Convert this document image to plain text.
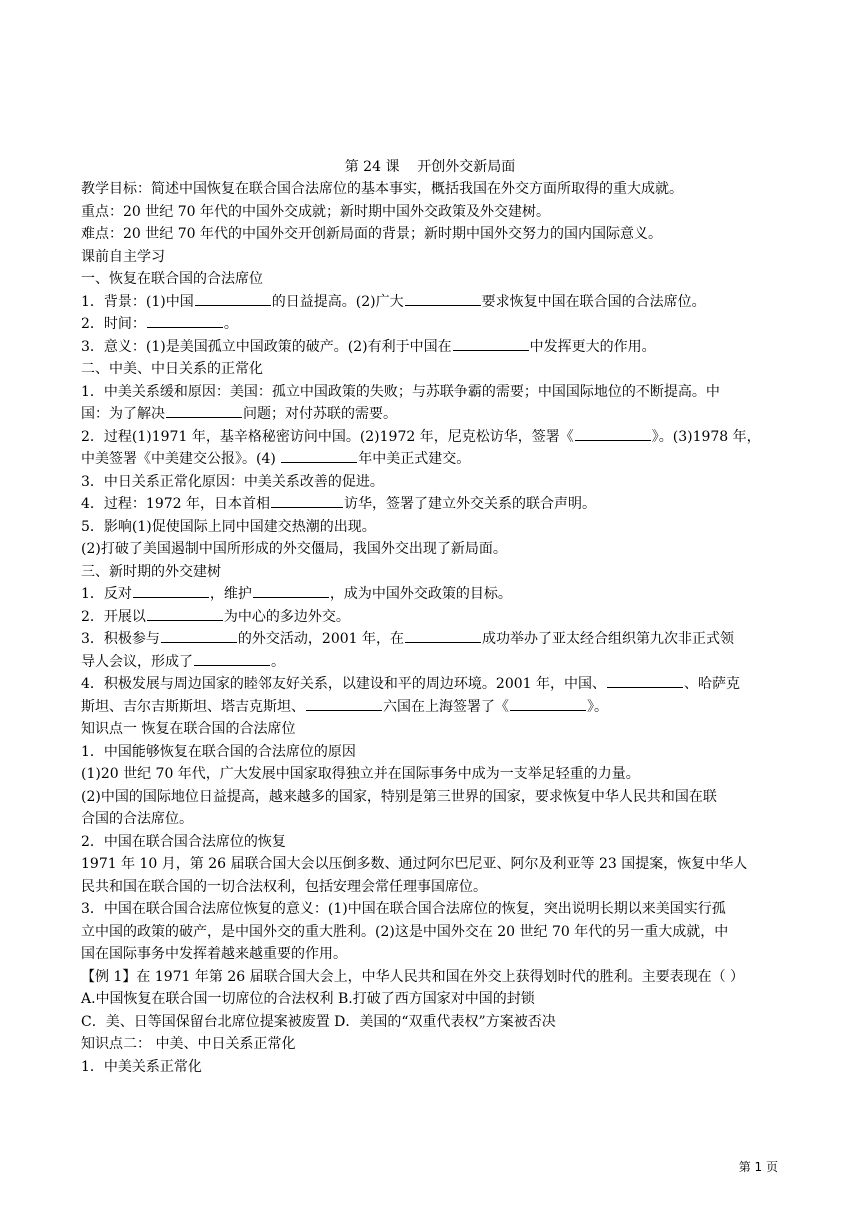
第 24 课    开创外交新局面
教学目标：简述中国恢复在联合国合法席位的基本事实，概括我国在外交方面所取得的重大成就。
重点：20 世纪 70 年代的中国外交成就；新时期中国外交政策及外交建树。
难点：20 世纪 70 年代的中国外交开创新局面的背景；新时期中国外交努力的国内国际意义。
课前自主学习
一、恢复在联合国的合法席位
1．背景：(1)中国	的日益提高。(2)广大	要求恢复中国在联合国的合法席位。
2．时间：	。
3．意义：(1)是美国孤立中国政策的破产。(2)有利于中国在	中发挥更大的作用。
二、中美、中日关系的正常化
1．中美关系缓和原因：美国：孤立中国政策的失败；与苏联争霸的需要；中国国际地位的不断提高。中
国：为了解决	问题；对付苏联的需要。
2．过程(1)1971 年，基辛格秘密访问中国。(2)1972 年，尼克松访华，签署《	》。(3)1978 年，
中美签署《中美建交公报》。(4)	年中美正式建交。
3．中日关系正常化原因：中美关系改善的促进。
4．过程：1972 年，日本首相	访华，签署了建立外交关系的联合声明。
5．影响(1)促使国际上同中国建交热潮的出现。
(2)打破了美国遏制中国所形成的外交僵局，我国外交出现了新局面。
三、新时期的外交建树
1．反对	，维护	，成为中国外交政策的目标。
2．开展以	为中心的多边外交。
3．积极参与	的外交活动，2001 年，在	成功举办了亚太经合组织第九次非正式领
导人会议，形成了	。
4．积极发展与周边国家的睦邻友好关系，以建设和平的周边环境。2001 年，中国、	、哈萨克
斯坦、吉尔吉斯斯坦、塔吉克斯坦、	六国在上海签署了《	》。
知识点一 恢复在联合国的合法席位
1．中国能够恢复在联合国的合法席位的原因
(1)20 世纪 70 年代，广大发展中国家取得独立并在国际事务中成为一支举足轻重的力量。
(2)中国的国际地位日益提高，越来越多的国家，特别是第三世界的国家，要求恢复中华人民共和国在联
合国的合法席位。
2．中国在联合国合法席位的恢复
1971 年 10 月，第 26 届联合国大会以压倒多数、通过阿尔巴尼亚、阿尔及利亚等 23 国提案，恢复中华人
民共和国在联合国的一切合法权利，包括安理会常任理事国席位。
3．中国在联合国合法席位恢复的意义：(1)中国在联合国合法席位的恢复，突出说明长期以来美国实行孤
立中国的政策的破产，是中国外交的重大胜利。(2)这是中国外交在 20 世纪 70 年代的另一重大成就，中
国在国际事务中发挥着越来越重要的作用。
【例 1】在 1971 年第 26 届联合国大会上，中华人民共和国在外交上获得划时代的胜利。主要表现在（ ）
A.中国恢复在联合国一切席位的合法权利 B.打破了西方国家对中国的封锁
C．美、日等国保留台北席位提案被废置 D．美国的“双重代表权”方案被否决
知识点二： 中美、中日关系正常化
1．中美关系正常化
第 1 页
